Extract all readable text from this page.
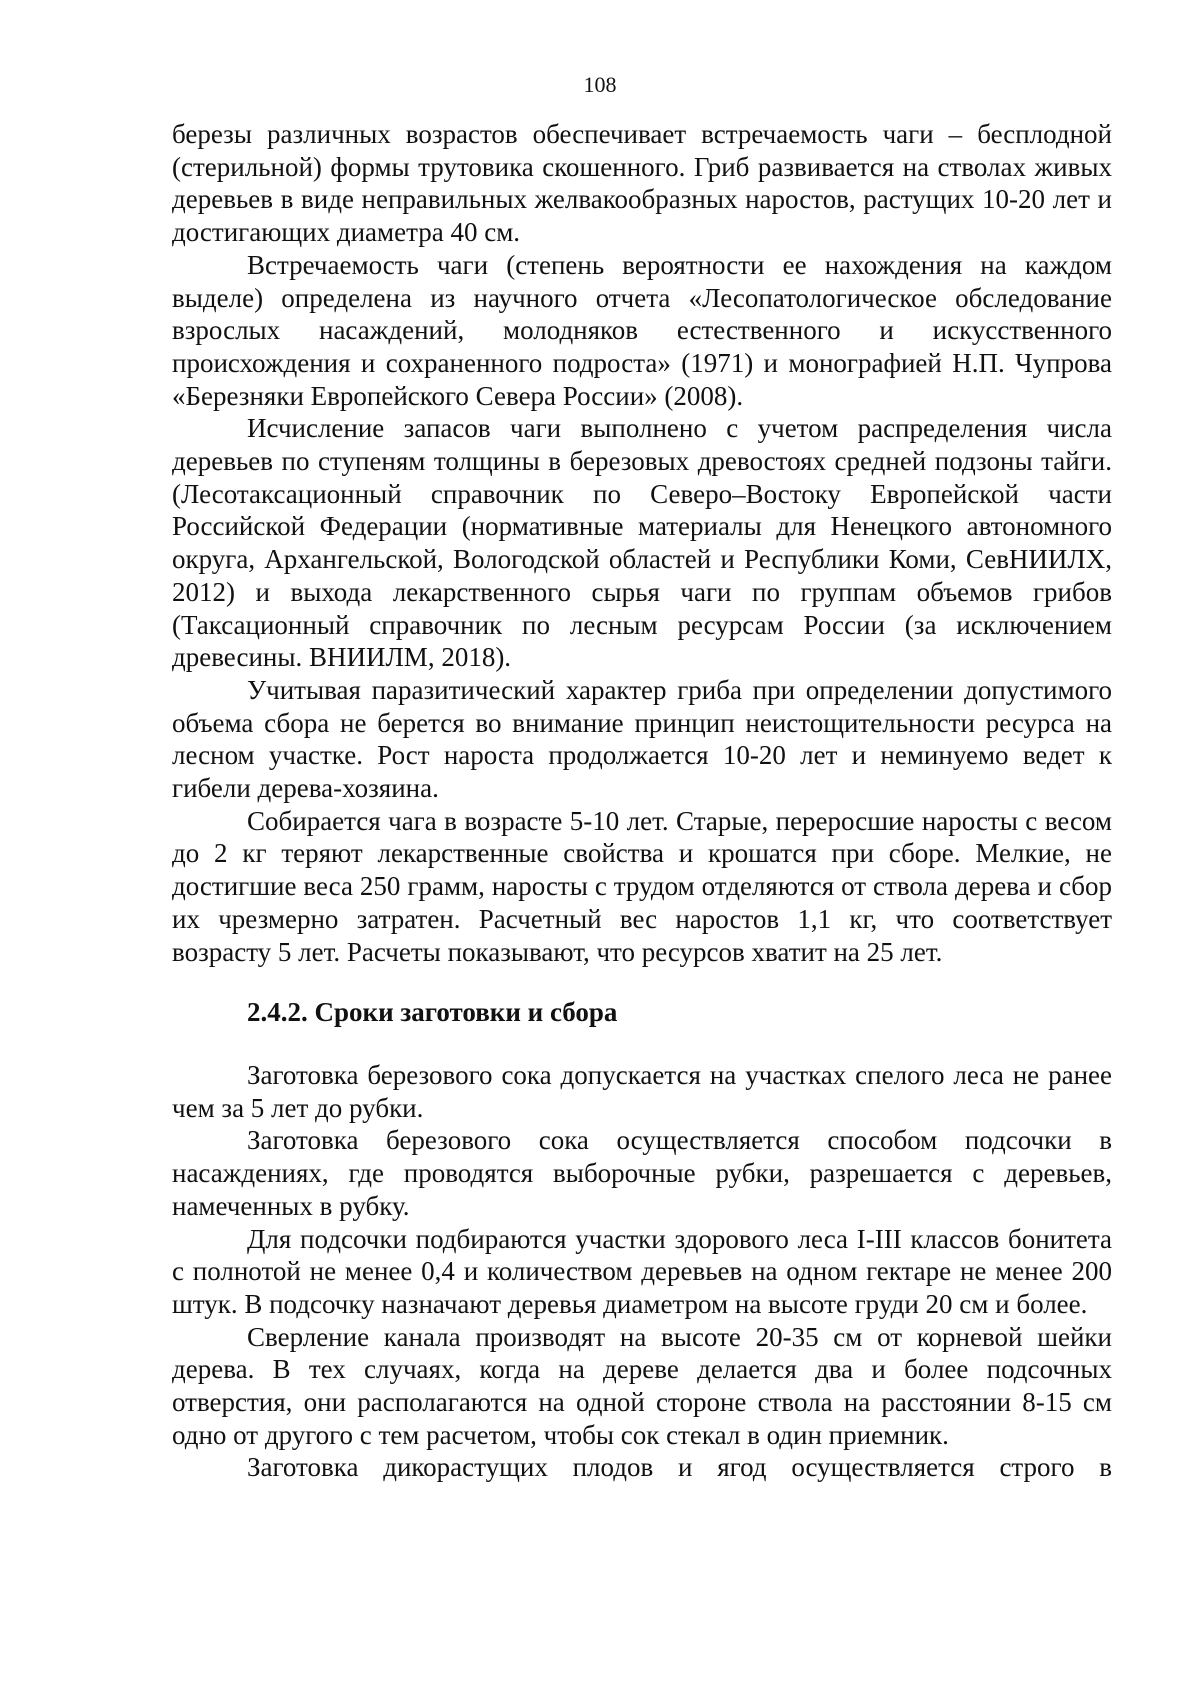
108

березы различных возрастов обеспечивает встречаемость чаги – бесплодной (стерильной) формы трутовика скошенного. Гриб развивается на стволах живых деревьев в виде неправильных желвакообразных наростов, растущих 10-20 лет и достигающих диаметра 40 см.

Встречаемость чаги (степень вероятности ее нахождения на каждом выделе) определена из научного отчета «Лесопатологическое обследование взрослых насаждений, молодняков естественного и искусственного происхождения и сохраненного подроста» (1971) и монографией Н.П. Чупрова «Березняки Европейского Севера России» (2008).

Исчисление запасов чаги выполнено с учетом распределения числа деревьев по ступеням толщины в березовых древостоях средней подзоны тайги. (Лесотаксационный справочник по Северо–Востоку Европейской части Российской Федерации (нормативные материалы для Ненецкого автономного округа, Архангельской, Вологодской областей и Республики Коми, СевНИИЛХ, 2012) и выхода лекарственного сырья чаги по группам объемов грибов (Таксационный справочник по лесным ресурсам России (за исключением древесины. ВНИИЛМ, 2018).

Учитывая паразитический характер гриба при определении допустимого объема сбора не берется во внимание принцип неистощительности ресурса на лесном участке. Рост нароста продолжается 10-20 лет и неминуемо ведет к гибели дерева-хозяина.

Собирается чага в возрасте 5-10 лет. Старые, переросшие наросты с весом до 2 кг теряют лекарственные свойства и крошатся при сборе. Мелкие, не достигшие веса 250 грамм, наросты с трудом отделяются от ствола дерева и сбор их чрезмерно затратен. Расчетный вес наростов 1,1 кг, что соответствует возрасту 5 лет. Расчеты показывают, что ресурсов хватит на 25 лет.

2.4.2. Сроки заготовки и сбора

Заготовка березового сока допускается на участках спелого леса не ранее чем за 5 лет до рубки.

Заготовка березового сока осуществляется способом подсочки в насаждениях, где проводятся выборочные рубки, разрешается с деревьев, намеченных в рубку.

Для подсочки подбираются участки здорового леса I-III классов бонитета с полнотой не менее 0,4 и количеством деревьев на одном гектаре не менее 200 штук. В подсочку назначают деревья диаметром на высоте груди 20 см и более.

Сверление канала производят на высоте 20-35 см от корневой шейки дерева. В тех случаях, когда на дереве делается два и более подсочных отверстия, они располагаются на одной стороне ствола на расстоянии 8-15 см одно от другого с тем расчетом, чтобы сок стекал в один приемник.

Заготовка дикорастущих плодов и ягод осуществляется строго в
